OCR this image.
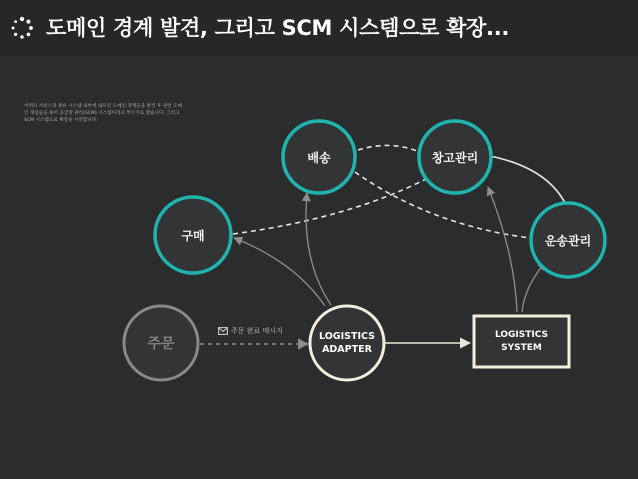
도메인 경계 발견, 그리고 SCM 시스템으로 확장...

어떠터 서비스의 종류 시스템 내부에 내포된 도메인 경계들을 발견 후 관련 도메

인 개념들을 묶어 공급망 관리(SCM) 시스템이라고 부르기로 했습니다. 그리고

SCM 시스템으로 확장을 시작합니다.

배송	창고관리
구매	운송관리
주문	LOGISTICS
ADAPTER
LOGISTICS
SYSTEM
주문 완료 메시지
